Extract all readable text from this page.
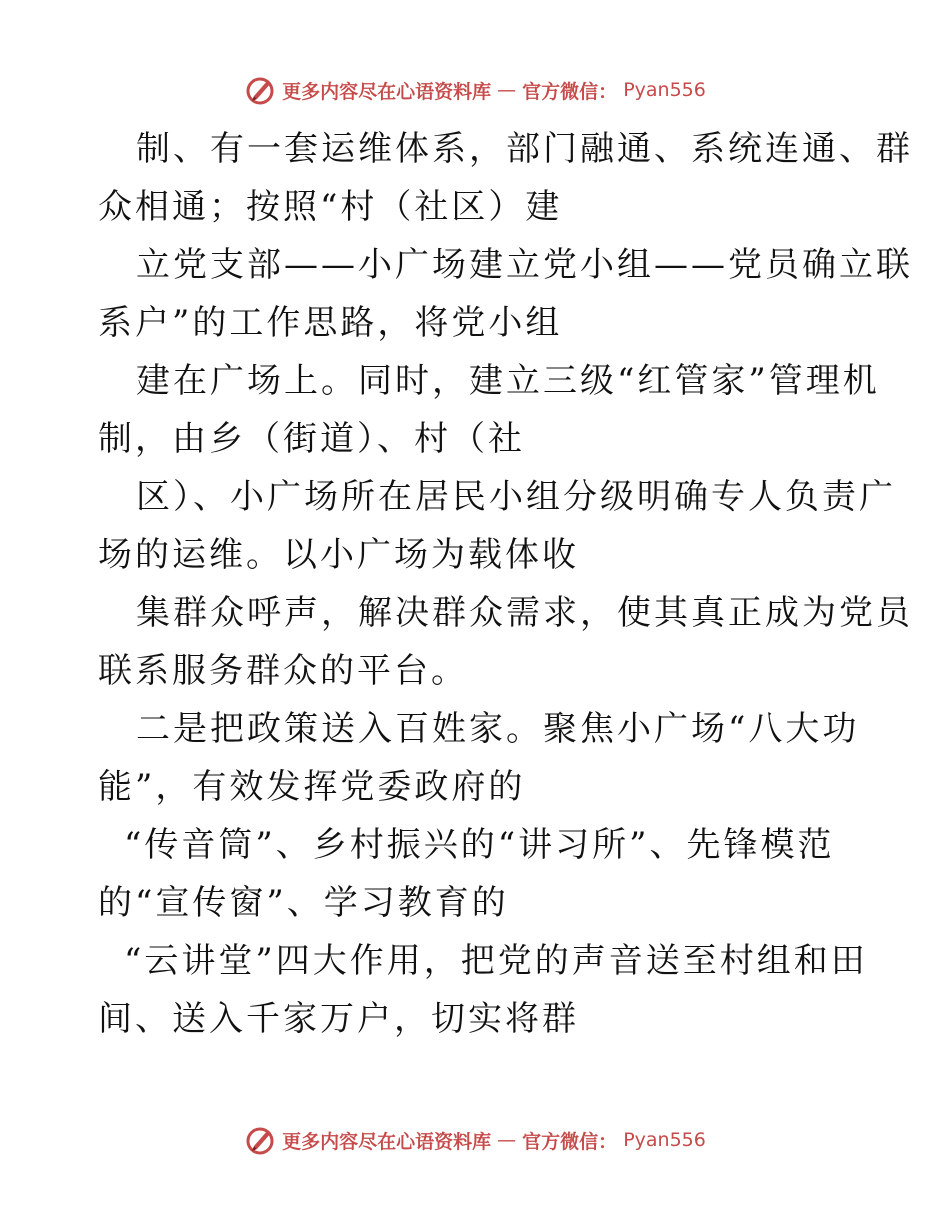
更多内容尽在心语资料库 — 官方微信： Pyan556
制、有一套运维体系，部门融通、系统连通、群
众相通；按照“村（社区）建
立党支部——小广场建立党小组——党员确立联
系户”的工作思路，将党小组
建在广场上。同时，建立三级“红管家”管理机
制，由乡（街道）、村（社
区）、小广场所在居民小组分级明确专人负责广
场的运维。以小广场为载体收
集群众呼声，解决群众需求，使其真正成为党员
联系服务群众的平台。
二是把政策送入百姓家。聚焦小广场“八大功
能”，有效发挥党委政府的
“传音筒”、乡村振兴的“讲习所”、先锋模范
的“宣传窗”、学习教育的
“云讲堂”四大作用，把党的声音送至村组和田
间、送入千家万户，切实将群
更多内容尽在心语资料库 — 官方微信： Pyan556
